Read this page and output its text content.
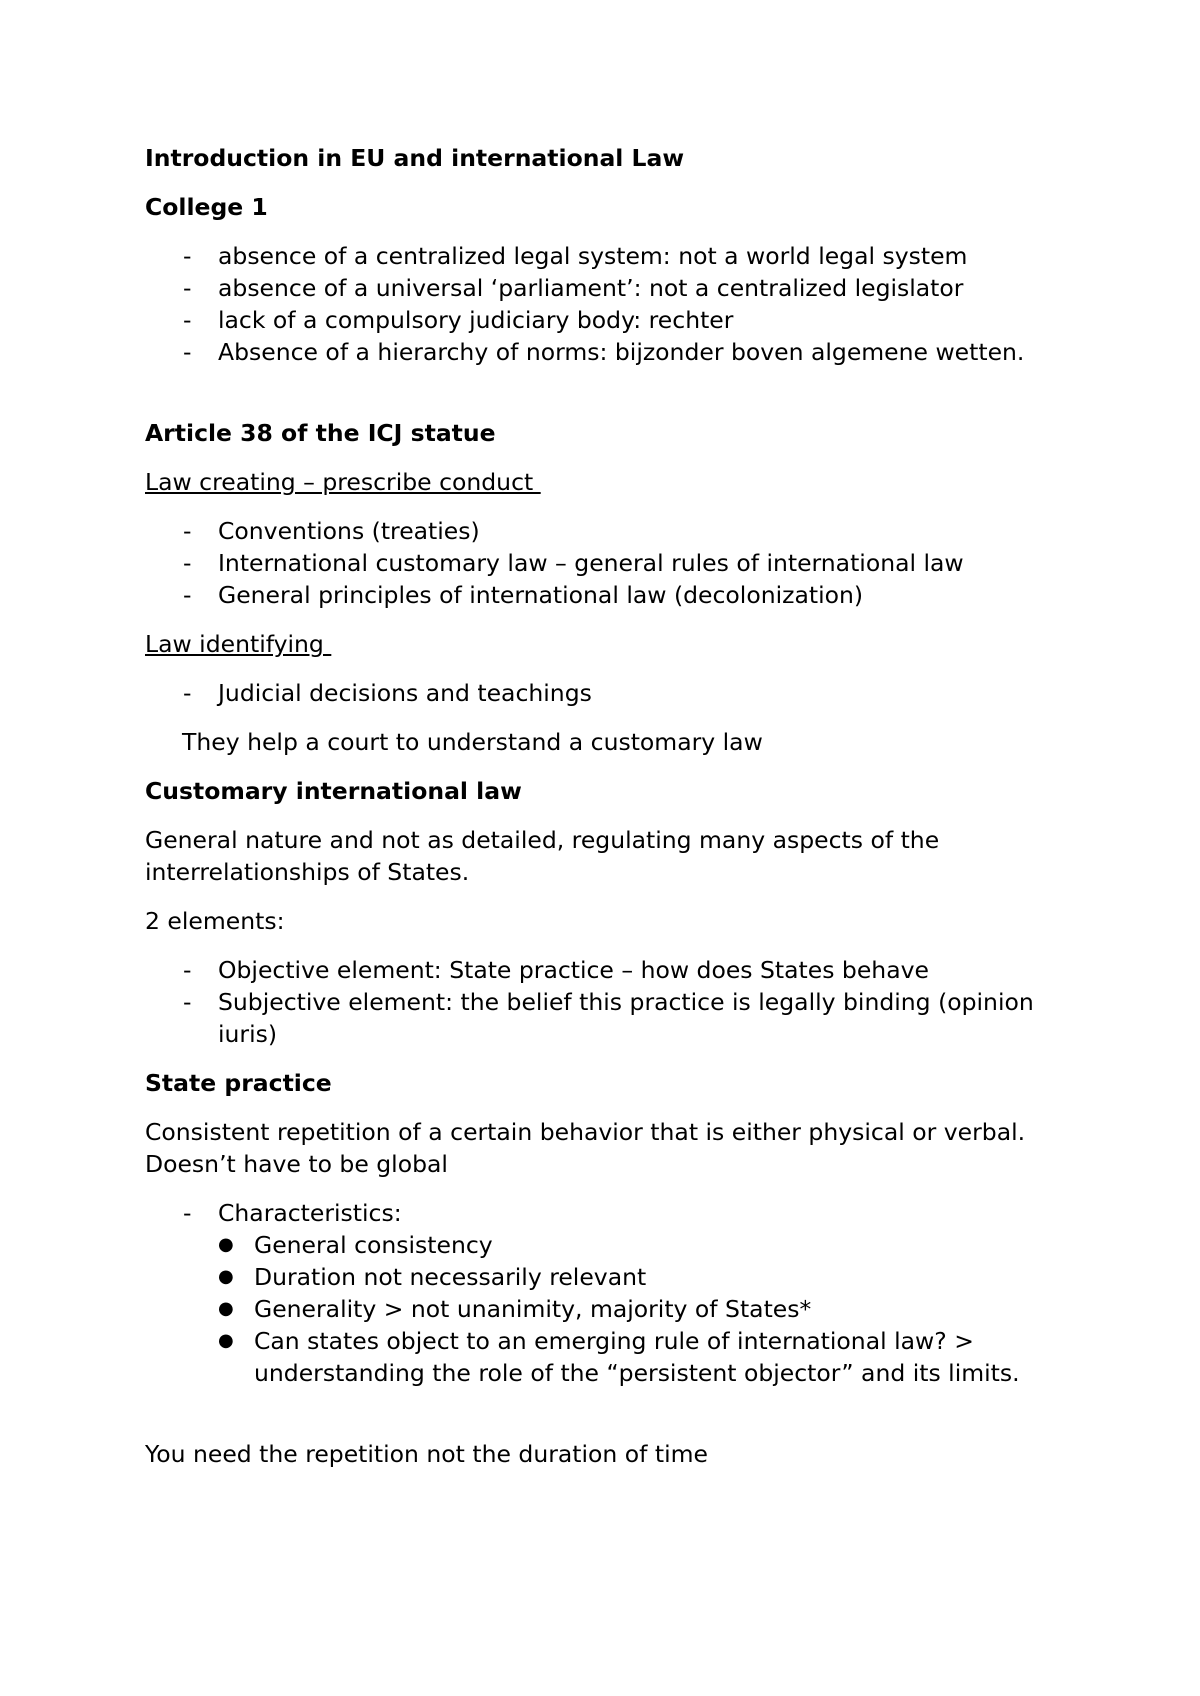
Introduction in EU and international Law
College 1
- absence of a centralized legal system: not a world legal system
- absence of a universal ‘parliament’: not a centralized legislator
- lack of a compulsory judiciary body: rechter
- Absence of a hierarchy of norms: bijzonder boven algemene wetten.
Article 38 of the ICJ statue
Law creating – prescribe conduct
- Conventions (treaties)
- International customary law – general rules of international law
- General principles of international law (decolonization)
Law identifying
- Judicial decisions and teachings
They help a court to understand a customary law
Customary international law
General nature and not as detailed, regulating many aspects of the interrelationships of States.
2 elements:
- Objective element: State practice – how does States behave
- Subjective element: the belief this practice is legally binding (opinion iuris)
State practice
Consistent repetition of a certain behavior that is either physical or verbal. Doesn’t have to be global
- Characteristics:
● General consistency
● Duration not necessarily relevant
● Generality > not unanimity, majority of States*
● Can states object to an emerging rule of international law? > understanding the role of the “persistent objector” and its limits.
You need the repetition not the duration of time
